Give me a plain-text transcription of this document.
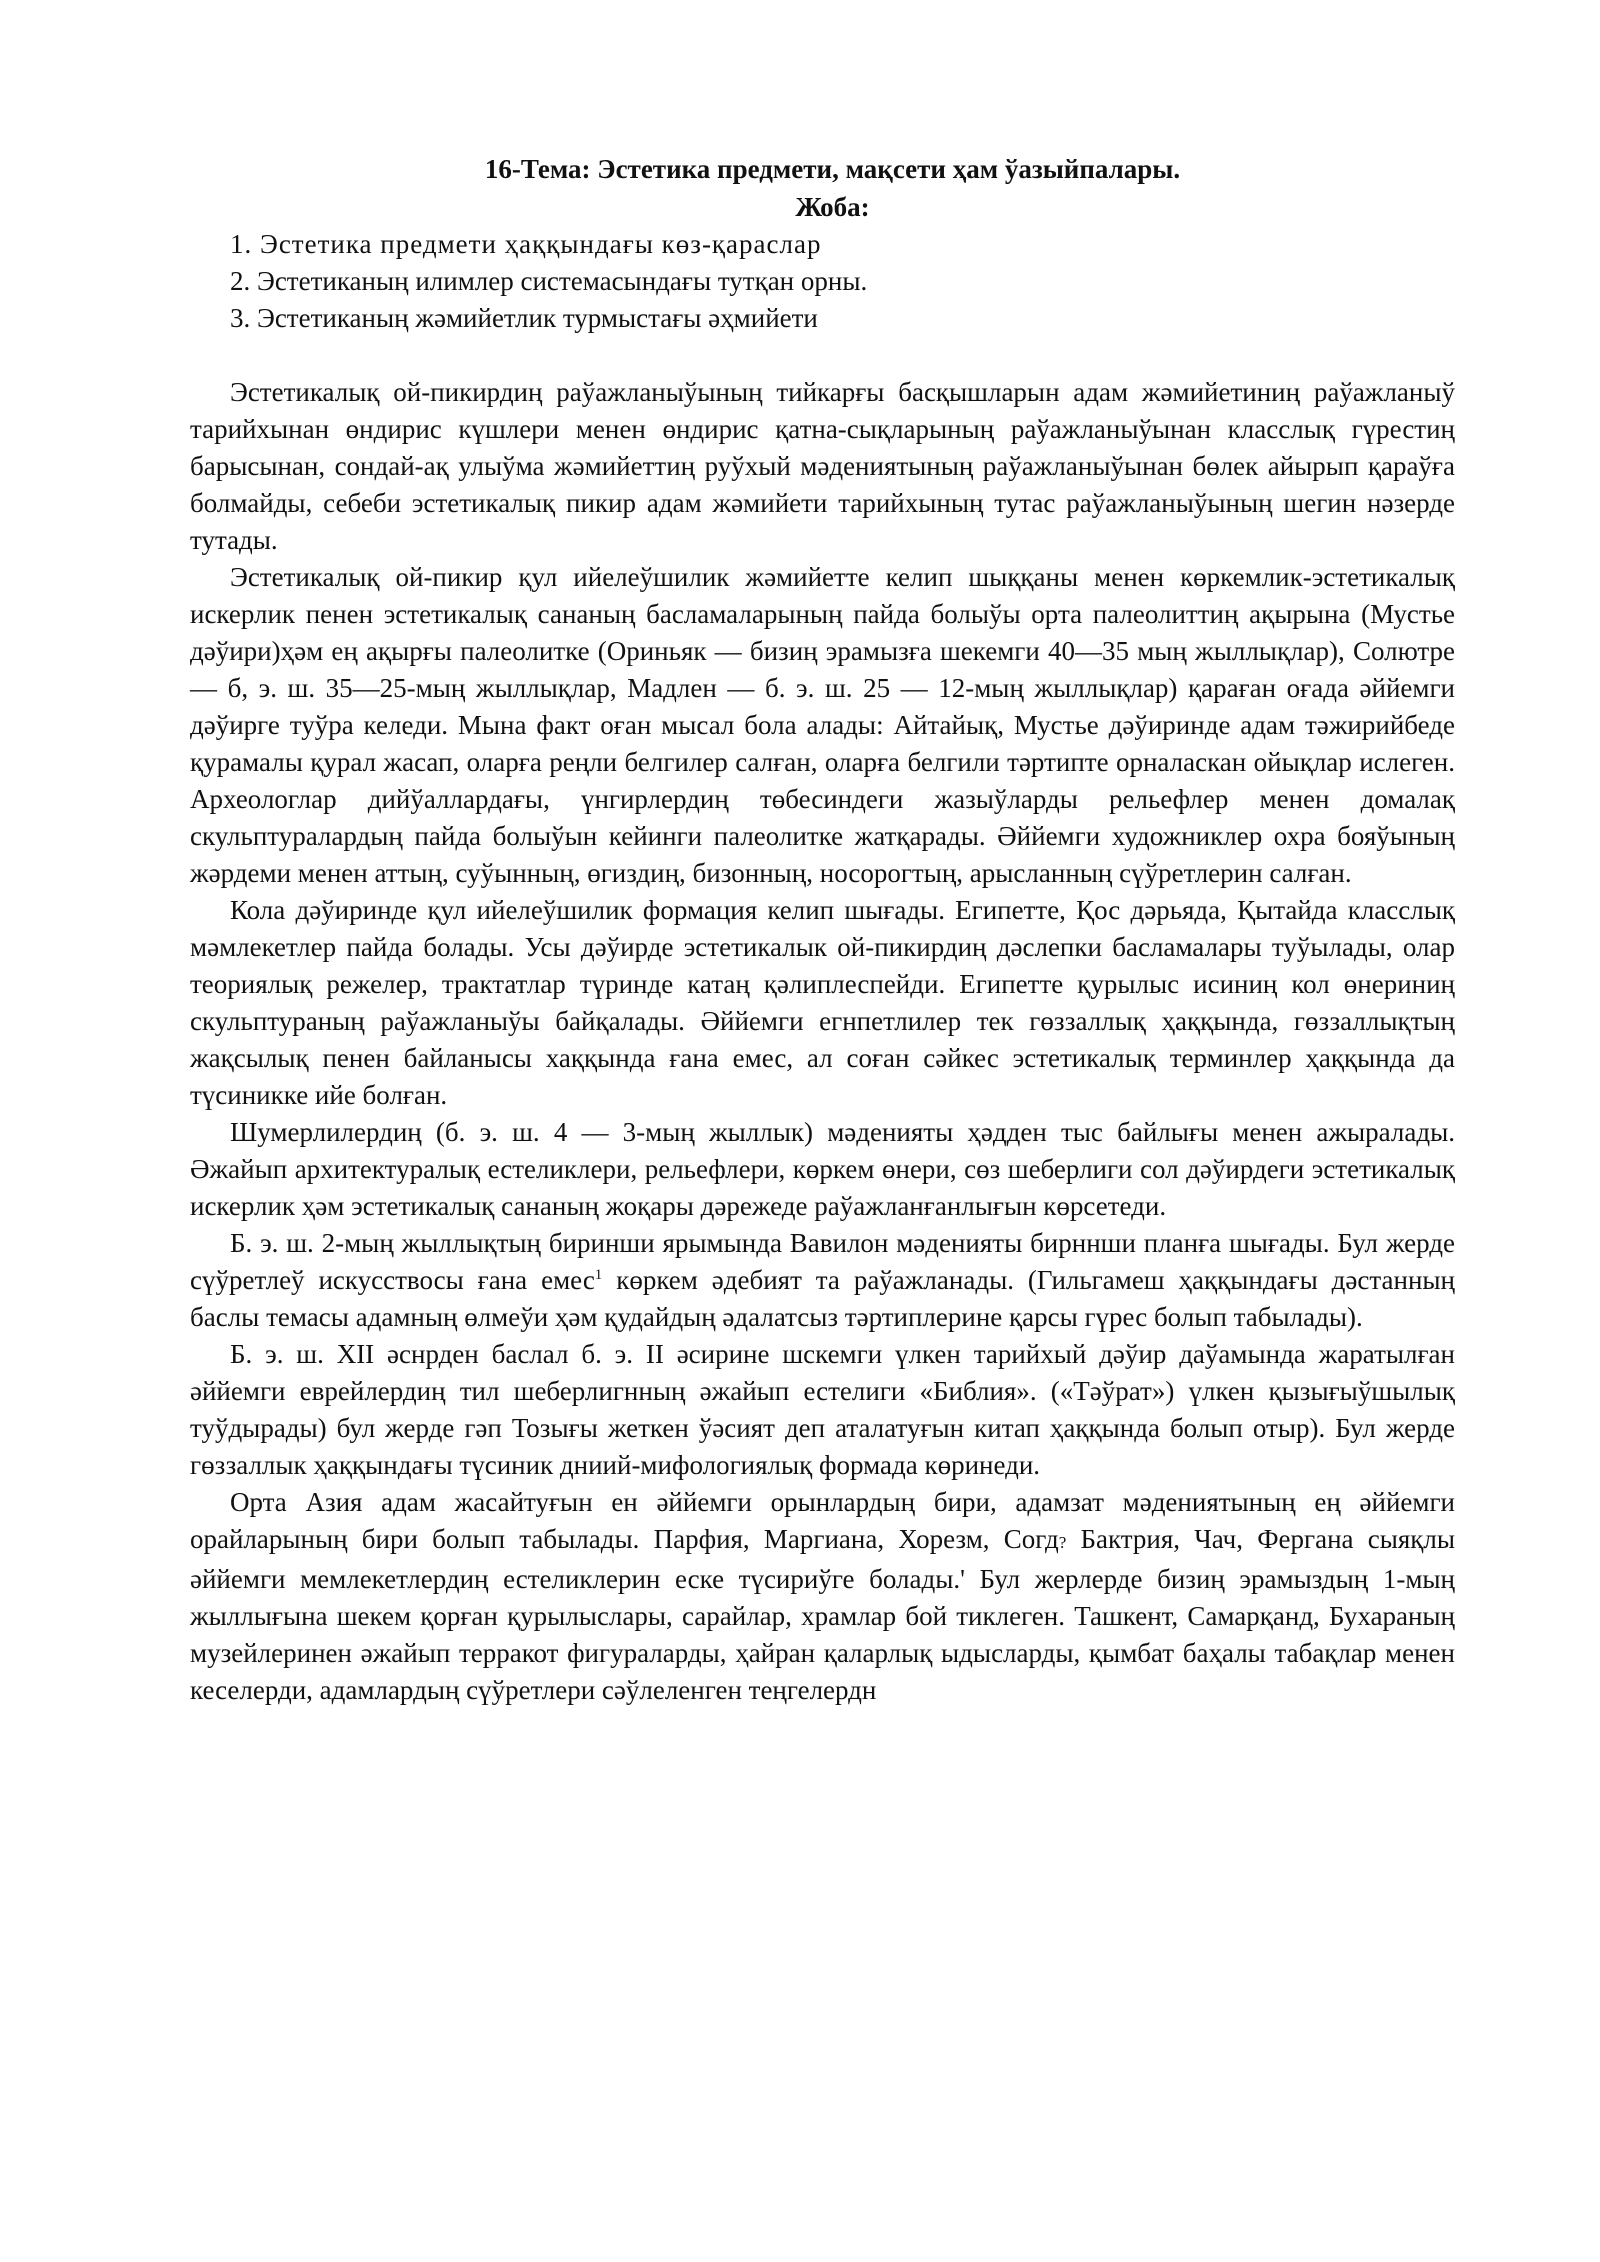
16-Тема: Эстетика предмети, мақсети ҳам ўазыйпалары.
Жоба:
1. Эстетика предмети ҳаққындағы көз-қараслар
2. Эстетиканың илимлер системасындағы тутқан орны.
3. Эстетиканың жәмийетлик турмыстағы әҳмийети

Эстетикалық ой-пикирдиң раўажланыўының тийкарғы басқышларын адам жәмийетиниң раўажланыў тарийхынан өндирис күшлери менен өндирис қатна-сықларының раўажланыўынан класслық гүрестиң барысынан, сондай-ақ улыўма жәмийеттиң руўхый мәдениятының раўажланыўынан бөлек айырып қараўға болмайды, себеби эстетикалық пикир адам жәмийети тарийхының тутас раўажланыўының шегин нәзерде тутады.

Эстетикалық ой-пикир қул ийелеўшилик жәмийетте келип шыққаны менен көркемлик-эстетикалық искерлик пенен эстетикалық сананың басламаларының пайда болыўы орта палеолиттиң ақырына (Мустье дәўири)ҳәм ең ақырғы палеолитке (Ориньяк — бизиң эрамызға шекемги 40—35 мың жыллықлар), Солютре — б, э. ш. 35—25-мың жыллықлар, Мадлен — б. э. ш. 25 — 12-мың жыллықлар) қараған оғада әййемги дәўирге туўра келеди. Мына факт оған мысал бола алады: Айтайық, Мустье дәўиринде адам тәжирийбеде қурамалы қурал жасап, оларға реңли белгилер салған, оларға белгили тәртипте орналаскан ойықлар ислеген. Археологлар дийўаллардағы, үнгирлердиң төбесиндеги жазыўларды рельефлер менен домалақ скульптуралардың пайда болыўын кейинги палеолитке жатқарады. Әййемги художниклер охра бояўының жәрдеми менен аттың, суўынның, өгиздиң, бизонның, носорогтың, арысланның сүўретлерин салған.

Кола дәўиринде қул ийелеўшилик формация келип шығады. Египетте, Қос дәрьяда, Қытайда класслық мәмлекетлер пайда болады. Усы дәўирде эстетикалык ой-пикирдиң дәслепки басламалары туўылады, олар теориялық режелер, трактатлар түринде катаң қәлиплеспейди. Египетте қурылыс исиниң кол өнериниң скульптураның раўажланыўы байқалады. Әййемги егнпетлилер тек гөззаллық ҳаққында, гөззаллықтың жақсылық пенен байланысы хаққында ғана емес, ал соған сәйкес эстетикалық терминлер ҳаққында да түсиникке ийе болған.

Шумерлилердиң (б. э. ш. 4 — 3-мың жыллык) мәденияты ҳәдден тыс байлығы менен ажыралады. Әжайып архитектуралық естеликлери, рельефлери, көркем өнери, сөз шеберлиги сол дәўирдеги эстетикалық искерлик ҳәм эстетикалық сананың жоқары дәрежеде раўажланғанлығын көрсетеди.

Б. э. ш. 2-мың жыллықтың биринши ярымында Вавилон мәденияты бирннши планға шығады. Бул жерде сүўретлеў искусствосы ғана емес$^1$ көркем әдебият та раўажланады. (Гильгамеш ҳаққындағы дәстанның баслы темасы адамның өлмеўи ҳәм қудайдың әдалатсыз тәртиплерине қарсы гүрес болып табылады).

Б. э. ш. XII әснрден баслал б. э. II әсирине шскемги үлкен тарийхый дәўир даўамында жаратылған әййемги еврейлердиң тил шеберлигнның әжайып естелиги «Библия». («Тәўрат») үлкен қызығыўшылық туўдырады) бул жерде гәп Тозығы жеткен ўәсият деп аталатуғын китап ҳаққында болып отыр). Бул жерде гөззаллык ҳаққындағы түсиник дниий-мифологиялық формада көринеди.

Орта Азия адам жасайтуғын ен әййемги орынлардың бири, адамзат мәдениятының ең әййемги орайларының бири болып табылады. Парфия, Маргиана, Хорезм, Согд? Бактрия, Чач, Фергана сыяқлы әййемги мемлекетлердиң естеликлерин еске түсириўге болады.' Бул жерлерде бизиң эрамыздың 1-мың жыллығына шекем қорған қурылыслары, сарайлар, храмлар бой тиклеген. Ташкент, Самарқанд, Бухараның музейлеринен әжайып терракот фигураларды, ҳайран қаларлық ыдысларды, қымбат баҳалы табақлар менен кеселерди, адамлардың сүўретлери сәўлеленген теңгелердн
